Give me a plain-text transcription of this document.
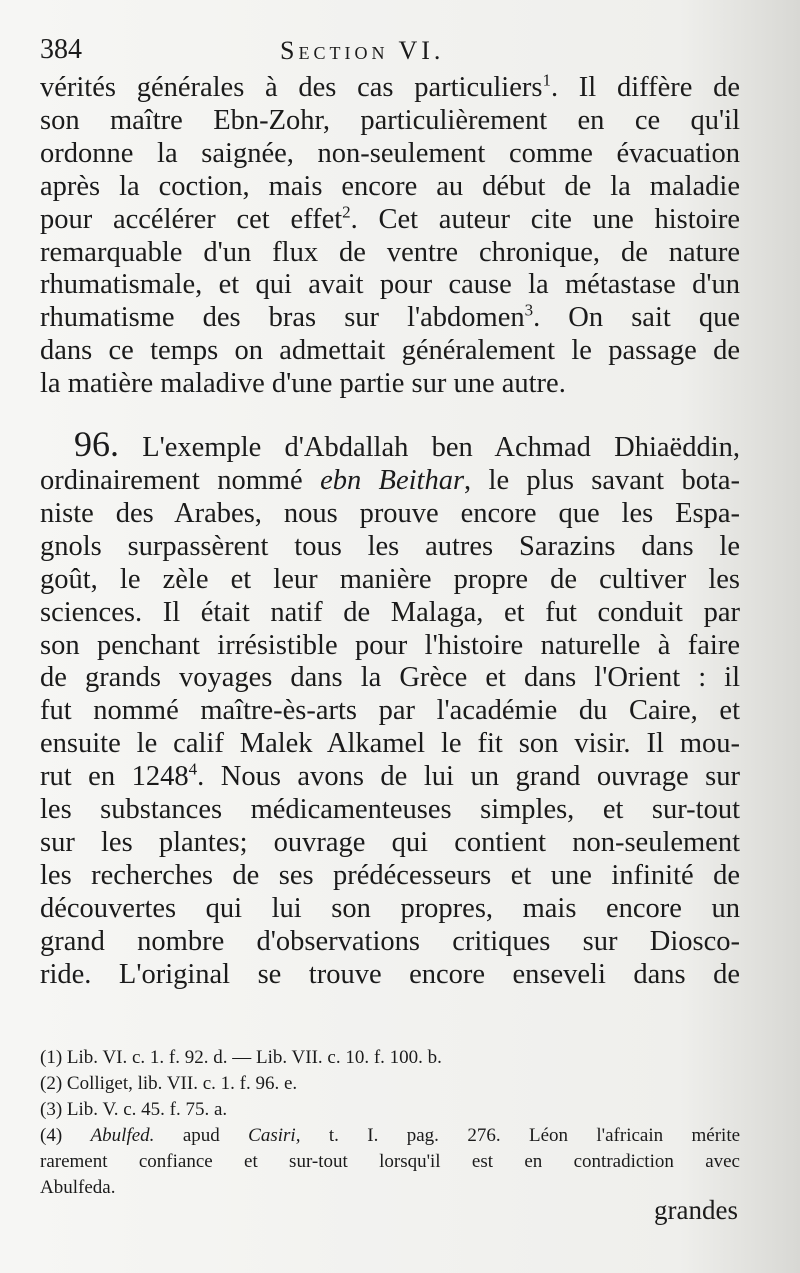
384	Section VI.
vérités générales à des cas particuliers$^1$. Il diffère de
son maître Ebn-Zohr, particulièrement en ce qu'il
ordonne la saignée, non-seulement comme évacuation
après la coction, mais encore au début de la maladie
pour accélérer cet effet$^2$. Cet auteur cite une histoire
remarquable d'un flux de ventre chronique, de nature
rhumatismale, et qui avait pour cause la métastase d'un
rhumatisme des bras sur l'abdomen$^3$. On sait que
dans ce temps on admettait généralement le passage de
la matière maladive d'une partie sur une autre.
96. L'exemple d'Abdallah ben Achmad Dhiaëddin,
ordinairement nommé ebn Beithar, le plus savant bota-
niste des Arabes, nous prouve encore que les Espa-
gnols surpassèrent tous les autres Sarazins dans le
goût, le zèle et leur manière propre de cultiver les
sciences. Il était natif de Malaga, et fut conduit par
son penchant irrésistible pour l'histoire naturelle à faire
de grands voyages dans la Grèce et dans l'Orient : il
fut nommé maître-ès-arts par l'académie du Caire, et
ensuite le calif Malek Alkamel le fit son visir. Il mou-
rut en 1248$^4$. Nous avons de lui un grand ouvrage sur
les substances médicamenteuses simples, et sur-tout
sur les plantes; ouvrage qui contient non-seulement
les recherches de ses prédécesseurs et une infinité de
découvertes qui lui son propres, mais encore un
grand nombre d'observations critiques sur Diosco-
ride. L'original se trouve encore enseveli dans de
(1) Lib. VI. c. 1. f. 92. d. — Lib. VII. c. 10. f. 100. b.
(2) Colliget, lib. VII. c. 1. f. 96. e.
(3) Lib. V. c. 45. f. 75. a.
(4) Abulfed. apud Casiri, t. I. pag. 276. Léon l'africain mérite
rarement confiance et sur-tout lorsqu'il est en contradiction avec
Abulfeda.
grandes
